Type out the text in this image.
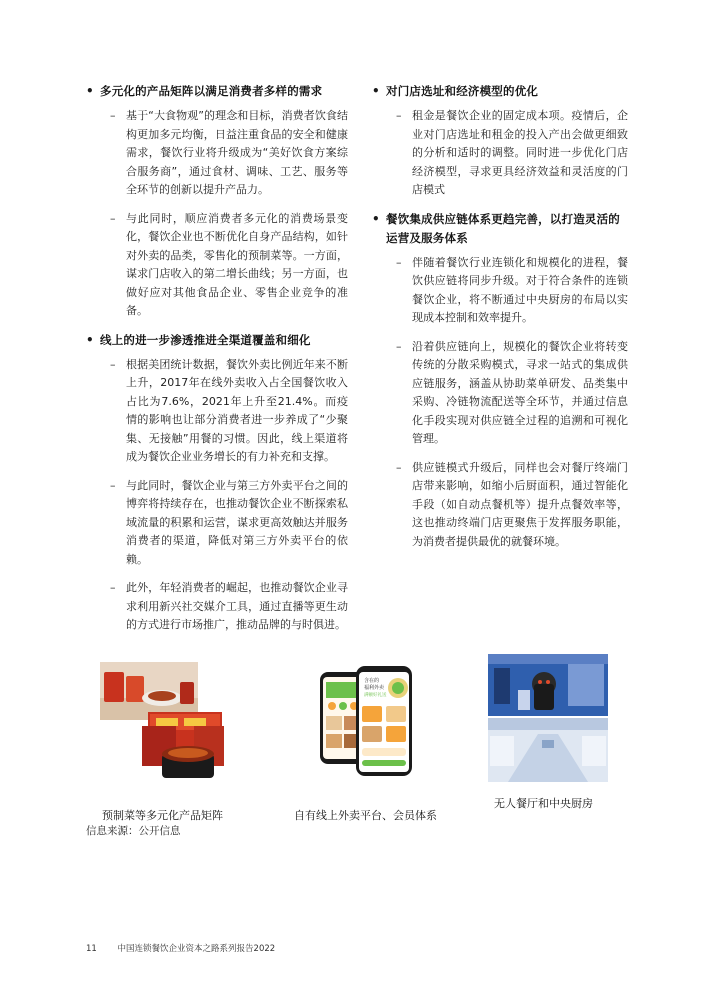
• 多元化的产品矩阵以满足消费者多样的需求
– 基于“大食物观”的理念和目标，消费者饮食结构更加多元均衡，日益注重食品的安全和健康需求，餐饮行业将升级成为“美好饮食方案综合服务商”，通过食材、调味、工艺、服务等全环节的创新以提升产品力。
– 与此同时，顺应消费者多元化的消费场景变化，餐饮企业也不断优化自身产品结构，如针对外卖的品类，零售化的预制菜等。一方面，谋求门店收入的第二增长曲线；另一方面，也做好应对其他食品企业、零售企业竞争的准备。
• 线上的进一步渗透推进全渠道覆盖和细化
– 根据美团统计数据，餐饮外卖比例近年来不断上升，2017年在线外卖收入占全国餐饮收入占比为7.6%，2021年上升至21.4%。而疫情的影响也让部分消费者进一步养成了“少聚集、无接触”用餐的习惯。因此，线上渠道将成为餐饮企业业务增长的有力补充和支撑。
– 与此同时，餐饮企业与第三方外卖平台之间的博弈将持续存在，也推动餐饮企业不断探索私域流量的积累和运营，谋求更高效触达并服务消费者的渠道，降低对第三方外卖平台的依赖。
– 此外，年轻消费者的崛起，也推动餐饮企业寻求利用新兴社交媒介工具，通过直播等更生动的方式进行市场推广，推动品牌的与时俱进。
• 对门店选址和经济模型的优化
– 租金是餐饮企业的固定成本项。疫情后，企业对门店选址和租金的投入产出会做更细致的分析和适时的调整。同时进一步优化门店经济模型，寻求更具经济效益和灵活度的门店模式
• 餐饮集成供应链体系更趋完善，以打造灵活的运营及服务体系
– 伴随着餐饮行业连锁化和规模化的进程，餐饮供应链将同步升级。对于符合条件的连锁餐饮企业，将不断通过中央厨房的布局以实现成本控制和效率提升。
– 沿着供应链向上，规模化的餐饮企业将转变传统的分散采购模式，寻求一站式的集成供应链服务，涵盖从协助菜单研发、品类集中采购、冷链物流配送等全环节，并通过信息化手段实现对供应链全过程的追溯和可视化管理。
– 供应链模式升级后，同样也会对餐厅终端门店带来影响，如缩小后厨面积，通过智能化手段（如自动点餐机等）提升点餐效率等，这也推动终端门店更聚焦于发挥服务职能，为消费者提供最优的就餐环境。
预制菜等多元化产品矩阵
含在的
福利外卖
满额好礼送
自有线上外卖平台、会员体系
无人餐厅和中央厨房
信息来源：公开信息
11 中国连锁餐饮企业资本之路系列报告2022
